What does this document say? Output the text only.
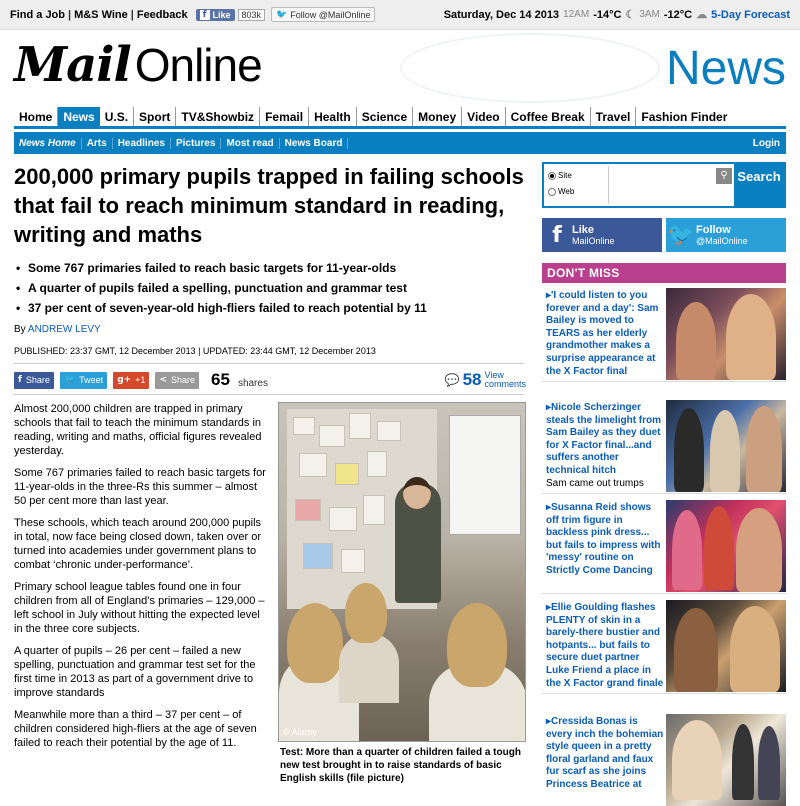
Find a Job | M&S Wine | Feedback	f Like	803k	🐦 Follow @MailOnline	Saturday, Dec 14 2013 12AM -14°C ☾ 3AM -12°C ☁ 5-Day Forecast
Mail Online	News
Home News U.S. Sport TV&Showbiz Femail Health Science Money Video Coffee Break Travel Fashion Finder
News Home	Arts	Headlines	Pictures	Most read	News Board	Login
200,000 primary pupils trapped in failing schools that fail to reach minimum standard in reading, writing and maths
• Some 767 primaries failed to reach basic targets for 11-year-olds
• A quarter of pupils failed a spelling, punctuation and grammar test
• 37 per cent of seven-year-old high-fliers failed to reach potential by 11
By ANDREW LEVY
PUBLISHED: 23:37 GMT, 12 December 2013 | UPDATED: 23:44 GMT, 12 December 2013
f Share 🐦 Tweet g+ +1 < Share 65 shares	💬 58 View
comments

Almost 200,000 children are trapped in primary schools that fail to teach the minimum standards in reading, writing and maths, official figures revealed yesterday.

Some 767 primaries failed to reach basic targets for 11-year-olds in the three-Rs this summer – almost 50 per cent more than last year.

These schools, which teach around 200,000 pupils in total, now face being closed down, taken over or turned into academies under government plans to combat ‘chronic under-performance’.

Primary school league tables found one in four children from all of England’s primaries – 129,000 – left school in July without hitting the expected level in the three core subjects.

A quarter of pupils – 26 per cent – failed a new spelling, punctuation and grammar test set for the first time in 2013 as part of a government drive to improve standards

Meanwhile more than a third – 37 per cent – of children considered high-fliers at the age of seven failed to reach their potential by the age of 11.

© Alamy
Test: More than a quarter of children failed a tough new test brought in to raise standards of basic English skills (file picture)
Site
Web
⚲ Search
f Like
MailOnline 🐦 Follow
@MailOnline
DON'T MISS
▸'I could listen to you forever and a day': Sam Bailey is moved to TEARS as her elderly grandmother makes a surprise appearance at the X Factor final
▸Nicole Scherzinger steals the limelight from Sam Bailey as they duet for X Factor final...and suffers another technical hitch
Sam came out trumps
▸Susanna Reid shows off trim figure in backless pink dress... but fails to impress with 'messy' routine on Strictly Come Dancing
▸Ellie Goulding flashes PLENTY of skin in a barely-there bustier and hotpants... but fails to secure duet partner Luke Friend a place in the X Factor grand finale
▸Cressida Bonas is every inch the bohemian style queen in a pretty floral garland and faux fur scarf as she joins Princess Beatrice at
